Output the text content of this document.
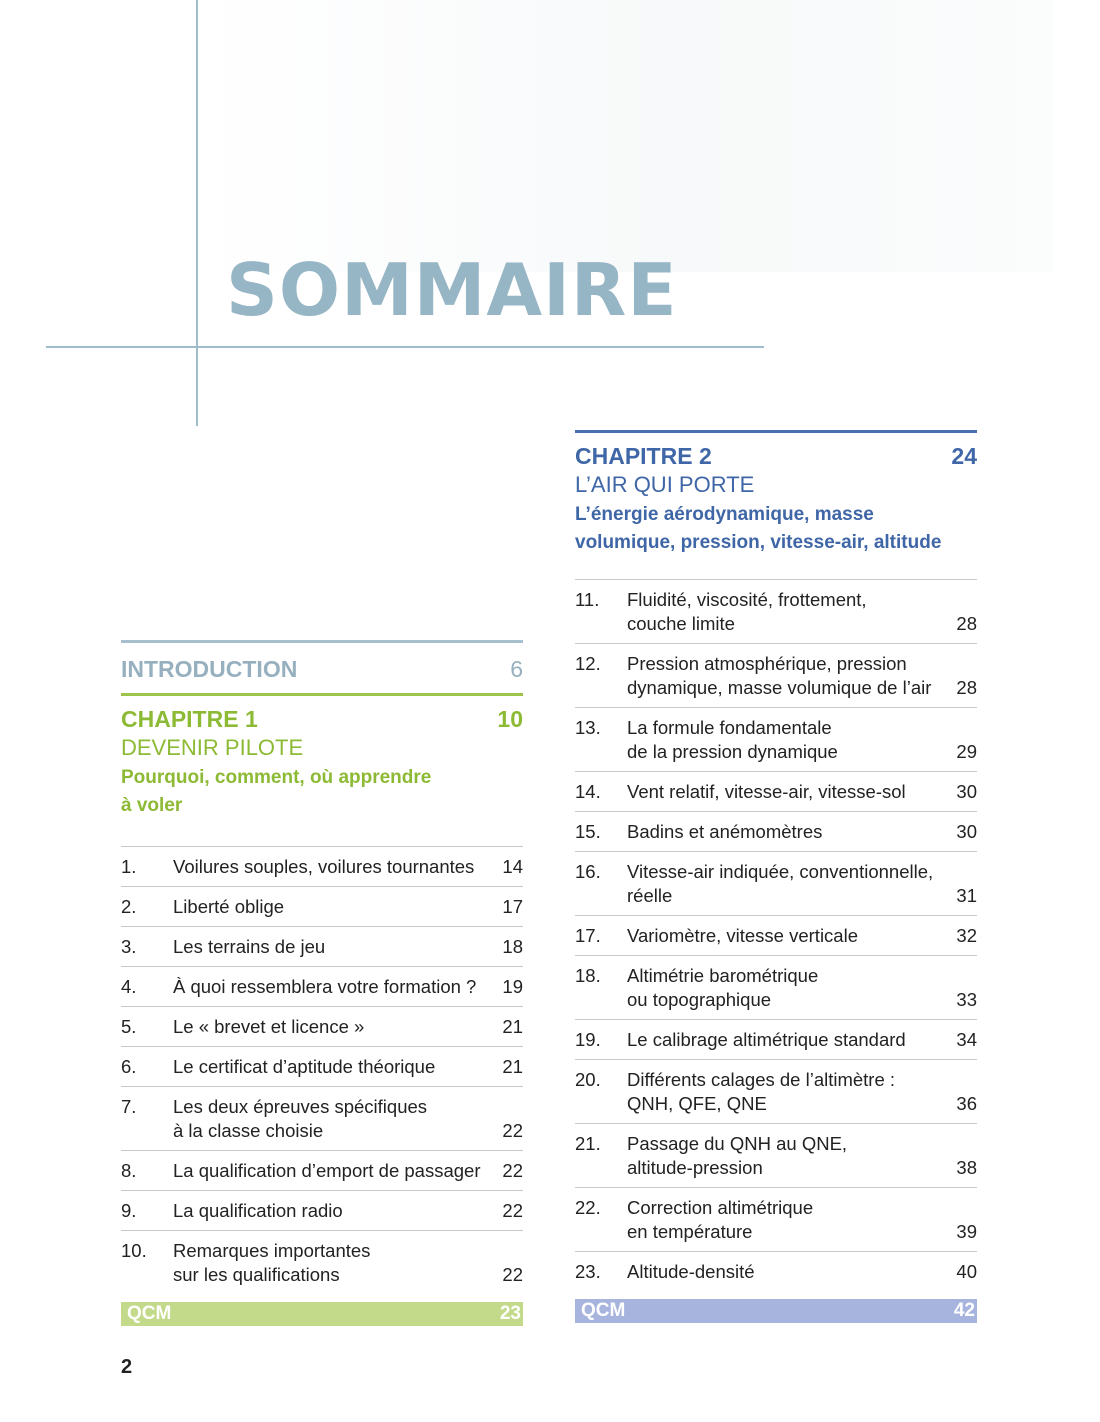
SOMMAIRE
INTRODUCTION	6
CHAPITRE 1	10
DEVENIR PILOTE
Pourquoi, comment, où apprendre
à voler
1.	Voilures souples, voilures tournantes	14
2.	Liberté oblige	17
3.	Les terrains de jeu	18
4.	À quoi ressemblera votre formation ?	19
5.	Le « brevet et licence »	21
6.	Le certificat d’aptitude théorique	21
7.	Les deux épreuves spécifiques
à la classe choisie	22
8.	La qualification d’emport de passager	22
9.	La qualification radio	22
10.	Remarques importantes
sur les qualifications	22
QCM	23
CHAPITRE 2	24
L’AIR QUI PORTE
L’énergie aérodynamique, masse
volumique, pression, vitesse-air, altitude
11.	Fluidité, viscosité, frottement,
couche limite	28
12.	Pression atmosphérique, pression
dynamique, masse volumique de l’air	28
13.	La formule fondamentale
de la pression dynamique	29
14.	Vent relatif, vitesse-air, vitesse-sol	30
15.	Badins et anémomètres	30
16.	Vitesse-air indiquée, conventionnelle,
réelle	31
17.	Variomètre, vitesse verticale	32
18.	Altimétrie barométrique
ou topographique	33
19.	Le calibrage altimétrique standard	34
20.	Différents calages de l’altimètre :
QNH, QFE, QNE	36
21.	Passage du QNH au QNE,
altitude-pression	38
22.	Correction altimétrique
en température	39
23.	Altitude-densité	40
QCM	42
2
